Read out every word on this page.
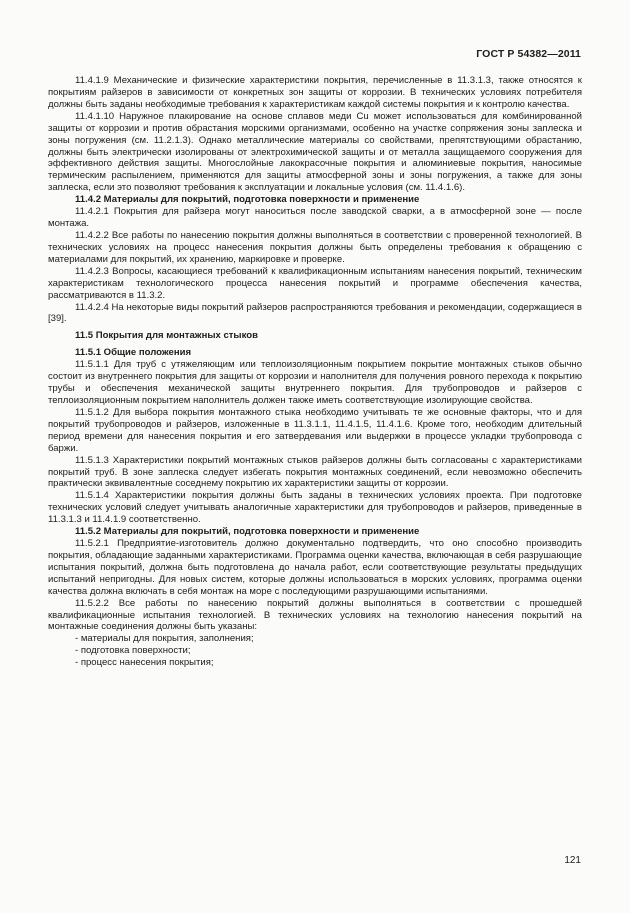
ГОСТ Р 54382—2011

11.4.1.9 Механические и физические характеристики покрытия, перечисленные в 11.3.1.3, также относятся к покрытиям райзеров в зависимости от конкретных зон защиты от коррозии. В технических условиях потребителя должны быть заданы необходимые требования к характеристикам каждой системы покрытия и к контролю качества.

11.4.1.10 Наружное плакирование на основе сплавов меди Cu может использоваться для комбинированной защиты от коррозии и против обрастания морскими организмами, особенно на участке сопряжения зоны заплеска и зоны погружения (см. 11.2.1.3). Однако металлические материалы со свойствами, препятствующими обрастанию, должны быть электрически изолированы от электрохимической защиты и от металла защищаемого сооружения для эффективного действия защиты. Многослойные лакокрасочные покрытия и алюминиевые покрытия, наносимые термическим распылением, применяются для защиты атмосферной зоны и зоны погружения, а также для зоны заплеска, если это позволяют требования к эксплуатации и локальные условия (см. 11.4.1.6).

11.4.2 Материалы для покрытий, подготовка поверхности и применение

11.4.2.1 Покрытия для райзера могут наноситься после заводской сварки, а в атмосферной зоне — после монтажа.

11.4.2.2 Все работы по нанесению покрытия должны выполняться в соответствии с проверенной технологией. В технических условиях на процесс нанесения покрытия должны быть определены требования к обращению с материалами для покрытий, их хранению, маркировке и проверке.

11.4.2.3 Вопросы, касающиеся требований к квалификационным испытаниям нанесения покрытий, техническим характеристикам технологического процесса нанесения покрытий и программе обеспечения качества, рассматриваются в 11.3.2.

11.4.2.4 На некоторые виды покрытий райзеров распространяются требования и рекомендации, содержащиеся в [39].

11.5 Покрытия для монтажных стыков

11.5.1 Общие положения

11.5.1.1 Для труб с утяжеляющим или теплоизоляционным покрытием покрытие монтажных стыков обычно состоит из внутреннего покрытия для защиты от коррозии и наполнителя для получения ровного перехода к покрытию трубы и обеспечения механической защиты внутреннего покрытия. Для трубопроводов и райзеров с теплоизоляционным покрытием наполнитель должен также иметь соответствующие изолирующие свойства.

11.5.1.2 Для выбора покрытия монтажного стыка необходимо учитывать те же основные факторы, что и для покрытий трубопроводов и райзеров, изложенные в 11.3.1.1, 11.4.1.5, 11.4.1.6. Кроме того, необходим длительный период времени для нанесения покрытия и его затвердевания или выдержки в процессе укладки трубопровода с баржи.

11.5.1.3 Характеристики покрытий монтажных стыков райзеров должны быть согласованы с характеристиками покрытий труб. В зоне заплеска следует избегать покрытия монтажных соединений, если невозможно обеспечить практически эквивалентные соседнему покрытию их характеристики защиты от коррозии.

11.5.1.4 Характеристики покрытия должны быть заданы в технических условиях проекта. При подготовке технических условий следует учитывать аналогичные характеристики для трубопроводов и райзеров, приведенные в 11.3.1.3 и 11.4.1.9 соответственно.

11.5.2 Материалы для покрытий, подготовка поверхности и применение

11.5.2.1 Предприятие-изготовитель должно документально подтвердить, что оно способно производить покрытия, обладающие заданными характеристиками. Программа оценки качества, включающая в себя разрушающие испытания покрытий, должна быть подготовлена до начала работ, если соответствующие результаты предыдущих испытаний непригодны. Для новых систем, которые должны использоваться в морских условиях, программа оценки качества должна включать в себя монтаж на море с последующими разрушающими испытаниями.

11.5.2.2 Все работы по нанесению покрытий должны выполняться в соответствии с прошедшей квалификационные испытания технологией. В технических условиях на технологию нанесения покрытий на монтажные соединения должны быть указаны:

- материалы для покрытия, заполнения;

- подготовка поверхности;

- процесс нанесения покрытия;

121
